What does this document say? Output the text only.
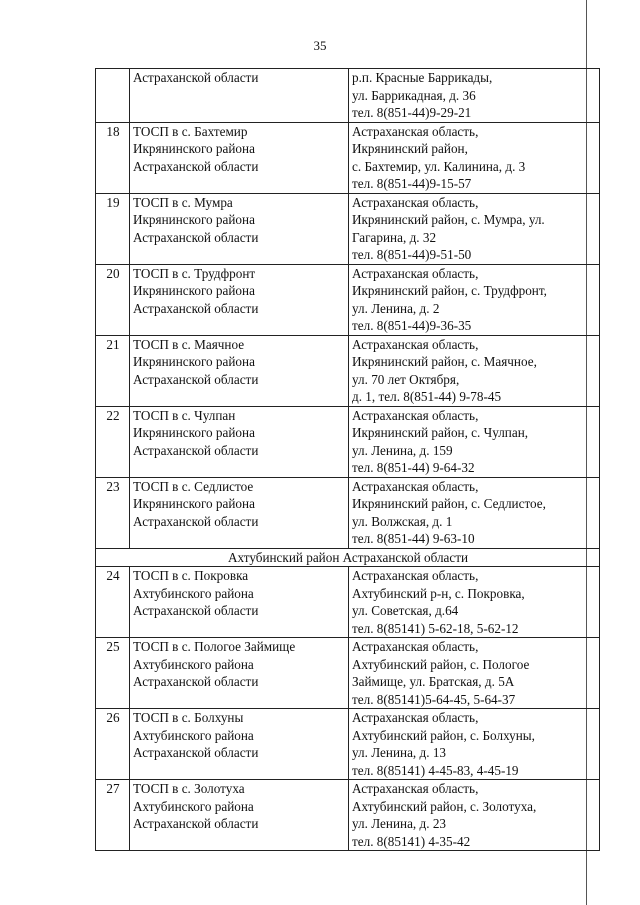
35

	Астраханской области	р.п. Красные Баррикады,
ул. Баррикадная, д. 36
тел. 8(851-44)9-29-21

18	ТОСП в с. Бахтемир
Икрянинского района
Астраханской области	Астраханская область,
Икрянинский район,
с. Бахтемир, ул. Калинина, д. 3
тел. 8(851-44)9-15-57

19	ТОСП в с. Мумра
Икрянинского района
Астраханской области	Астраханская область,
Икрянинский район, с. Мумра, ул.
Гагарина, д. 32
тел. 8(851-44)9-51-50

20	ТОСП в с. Трудфронт
Икрянинского района
Астраханской области	Астраханская область,
Икрянинский район, с. Трудфронт,
ул. Ленина, д. 2
тел. 8(851-44)9-36-35

21	ТОСП в с. Маячное
Икрянинского района
Астраханской области	Астраханская область,
Икрянинский район, с. Маячное,
ул. 70 лет Октября,
д. 1, тел. 8(851-44) 9-78-45

22	ТОСП в с. Чулпан
Икрянинского района
Астраханской области	Астраханская область,
Икрянинский район, с. Чулпан,
ул. Ленина, д. 159
тел. 8(851-44) 9-64-32

23	ТОСП в с. Седлистое
Икрянинского района
Астраханской области	Астраханская область,
Икрянинский район, с. Седлистое,
ул. Волжская, д. 1
тел. 8(851-44) 9-63-10

Ахтубинский район Астраханской области		
24	ТОСП в с. Покровка
Ахтубинского района
Астраханской области	Астраханская область,
Ахтубинский р-н, с. Покровка,
ул. Советская, д.64
тел. 8(85141) 5-62-18, 5-62-12

25	ТОСП в с. Пологое Займище
Ахтубинского района
Астраханской области	Астраханская область,
Ахтубинский район, с. Пологое
Займище, ул. Братская, д. 5А
тел. 8(85141)5-64-45, 5-64-37

26	ТОСП в с. Болхуны
Ахтубинского района
Астраханской области	Астраханская область,
Ахтубинский район, с. Болхуны,
ул. Ленина, д. 13
тел. 8(85141) 4-45-83, 4-45-19

27	ТОСП в с. Золотуха
Ахтубинского района
Астраханской области	Астраханская область,
Ахтубинский район, с. Золотуха,
ул. Ленина, д. 23
тел. 8(85141) 4-35-42
